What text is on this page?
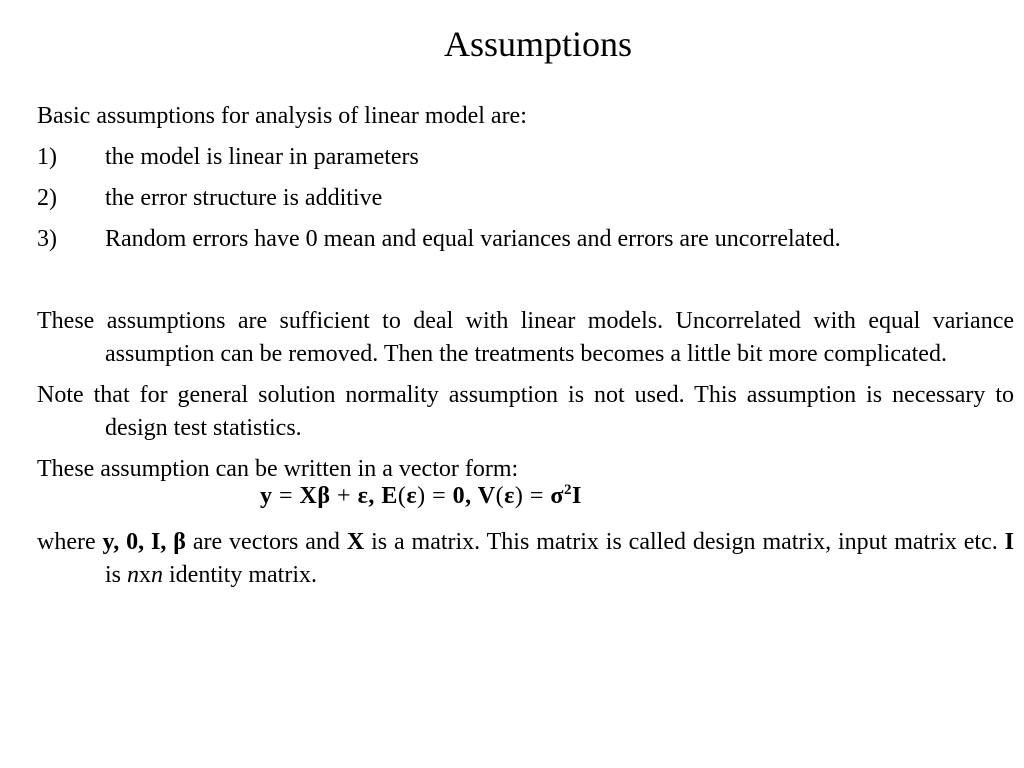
Assumptions

Basic assumptions for analysis of linear model are:

1) the model is linear in parameters
2) the error structure is additive
3) Random errors have 0 mean and equal variances and errors are uncorrelated.

These assumptions are sufficient to deal with linear models. Uncorrelated with equal variance assumption can be removed. Then the treatments becomes a little bit more complicated.

Note that for general solution normality assumption is not used. This assumption is necessary to design test statistics.

These assumption can be written in a vector form:

y = Xβ + ε, E(ε) = 0, $V(\varepsilon) = \sigma^2I$

where y, 0, I, β are vectors and X is a matrix. This matrix is called design matrix, input matrix etc. I is nxn identity matrix.
